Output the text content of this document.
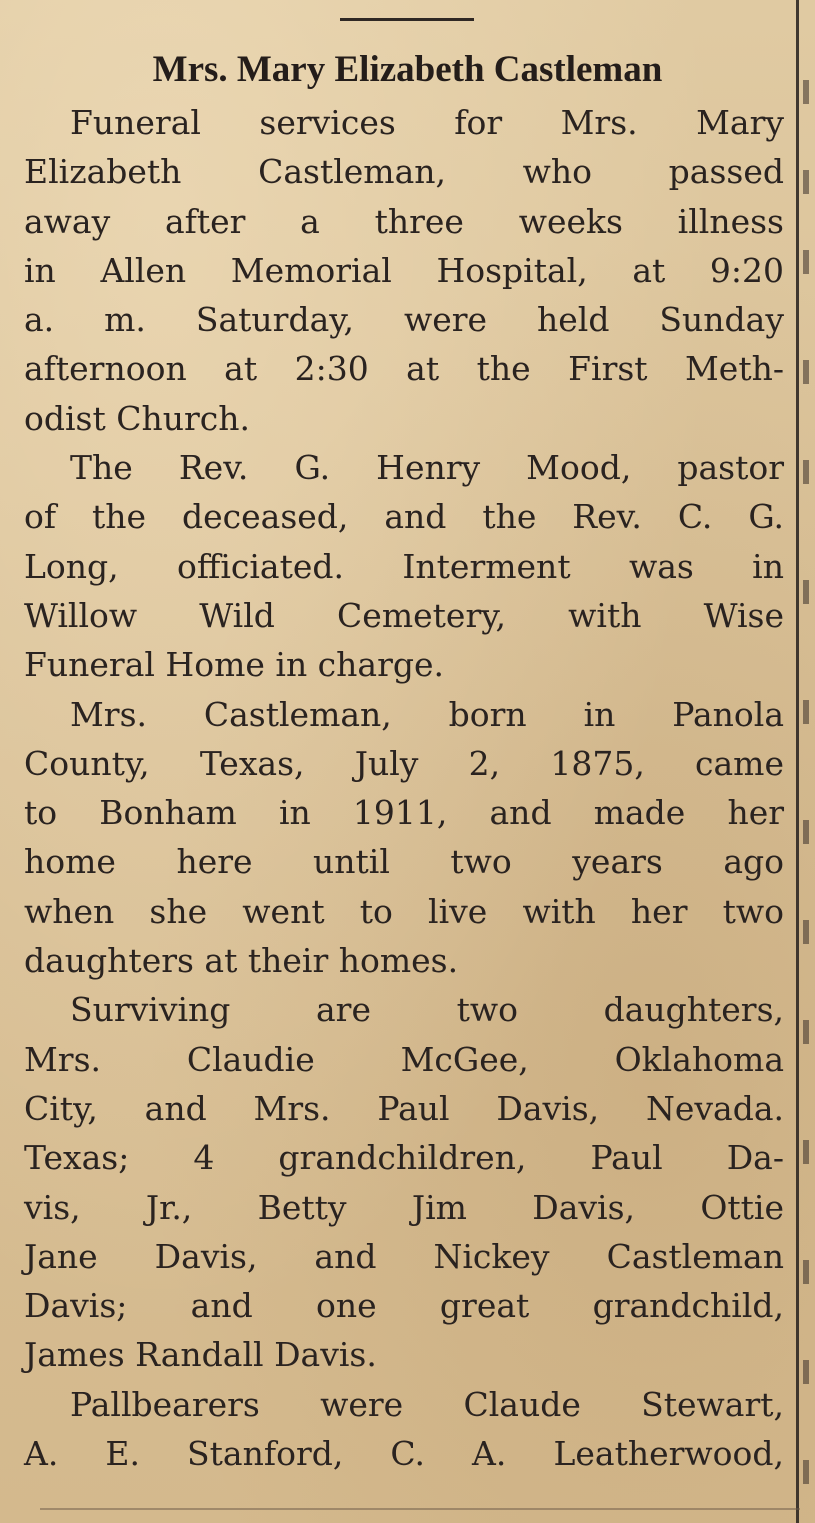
Mrs. Mary Elizabeth Castleman
Funeral services for Mrs. Mary
Elizabeth Castleman, who passed
away after a three weeks illness
in Allen Memorial Hospital, at 9:20
a. m. Saturday, were held Sunday
afternoon at 2:30 at the First Meth-
odist Church.
The Rev. G. Henry Mood, pastor
of the deceased, and the Rev. C. G.
Long, officiated. Interment was in
Willow Wild Cemetery, with Wise
Funeral Home in charge.
Mrs. Castleman, born in Panola
County, Texas, July 2, 1875, came
to Bonham in 1911, and made her
home here until two years ago
when she went to live with her two
daughters at their homes.
Surviving are two daughters,
Mrs. Claudie McGee, Oklahoma
City, and Mrs. Paul Davis, Nevada.
Texas; 4 grandchildren, Paul Da-
vis, Jr., Betty Jim Davis, Ottie
Jane Davis, and Nickey Castleman
Davis; and one great grandchild,
James Randall Davis.
Pallbearers were Claude Stewart,
A. E. Stanford, C. A. Leatherwood,
